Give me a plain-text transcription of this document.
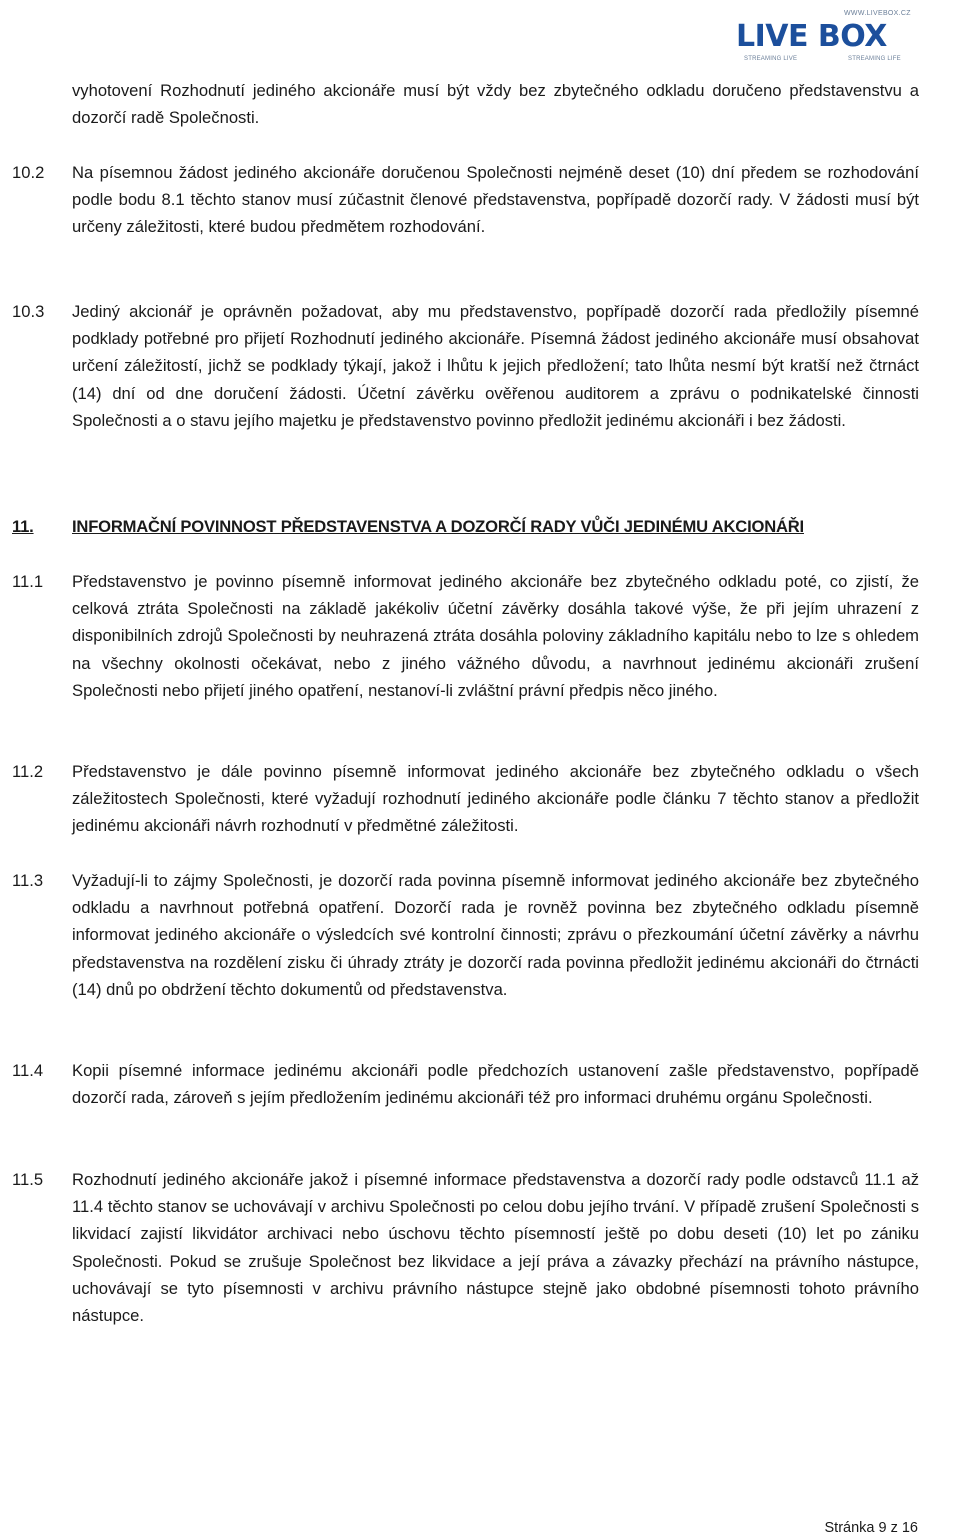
WWW.LIVEBOX.CZ
LIVE BOX
STREAMING LIVE	STREAMING LIFE
vyhotovení Rozhodnutí jediného akcionáře musí být vždy bez zbytečného odkladu doručeno představenstvu a dozorčí radě Společnosti.
10.2	Na písemnou žádost jediného akcionáře doručenou Společnosti nejméně deset (10) dní předem se rozhodování podle bodu 8.1 těchto stanov musí zúčastnit členové představenstva, popřípadě dozorčí rady. V žádosti musí být určeny záležitosti, které budou předmětem rozhodování.
10.3	Jediný akcionář je oprávněn požadovat, aby mu představenstvo, popřípadě dozorčí rada předložily písemné podklady potřebné pro přijetí Rozhodnutí jediného akcionáře. Písemná žádost jediného akcionáře musí obsahovat určení záležitostí, jichž se podklady týkají, jakož i lhůtu k jejich předložení; tato lhůta nesmí být kratší než čtrnáct (14) dní od dne doručení žádosti. Účetní závěrku ověřenou auditorem a zprávu o podnikatelské činnosti Společnosti a o stavu jejího majetku je představenstvo povinno předložit jedinému akcionáři i bez žádosti.
11. INFORMAČNÍ POVINNOST PŘEDSTAVENSTVA A DOZORČÍ RADY VŮČI JEDINÉMU AKCIONÁŘI
11.1	Představenstvo je povinno písemně informovat jediného akcionáře bez zbytečného odkladu poté, co zjistí, že celková ztráta Společnosti na základě jakékoliv účetní závěrky dosáhla takové výše, že při jejím uhrazení z disponibilních zdrojů Společnosti by neuhrazená ztráta dosáhla poloviny základního kapitálu nebo to lze s ohledem na všechny okolnosti očekávat, nebo z jiného vážného důvodu, a navrhnout jedinému akcionáři zrušení Společnosti nebo přijetí jiného opatření, nestanoví-li zvláštní právní předpis něco jiného.
11.2	Představenstvo je dále povinno písemně informovat jediného akcionáře bez zbytečného odkladu o všech záležitostech Společnosti, které vyžadují rozhodnutí jediného akcionáře podle článku 7 těchto stanov a předložit jedinému akcionáři návrh rozhodnutí v předmětné záležitosti.
11.3	Vyžadují-li to zájmy Společnosti, je dozorčí rada povinna písemně informovat jediného akcionáře bez zbytečného odkladu a navrhnout potřebná opatření. Dozorčí rada je rovněž povinna bez zbytečného odkladu písemně informovat jediného akcionáře o výsledcích své kontrolní činnosti; zprávu o přezkoumání účetní závěrky a návrhu představenstva na rozdělení zisku či úhrady ztráty je dozorčí rada povinna předložit jedinému akcionáři do čtrnácti (14) dnů po obdržení těchto dokumentů od představenstva.
11.4	Kopii písemné informace jedinému akcionáři podle předchozích ustanovení zašle představenstvo, popřípadě dozorčí rada, zároveň s jejím předložením jedinému akcionáři též pro informaci druhému orgánu Společnosti.
11.5	Rozhodnutí jediného akcionáře jakož i písemné informace představenstva a dozorčí rady podle odstavců 11.1 až 11.4 těchto stanov se uchovávají v archivu Společnosti po celou dobu jejího trvání. V případě zrušení Společnosti s likvidací zajistí likvidátor archivaci nebo úschovu těchto písemností ještě po dobu deseti (10) let po zániku Společnosti. Pokud se zrušuje Společnost bez likvidace a její práva a závazky přechází na právního nástupce, uchovávají se tyto písemnosti v archivu právního nástupce stejně jako obdobné písemnosti tohoto právního nástupce.
Stránka 9 z 16
